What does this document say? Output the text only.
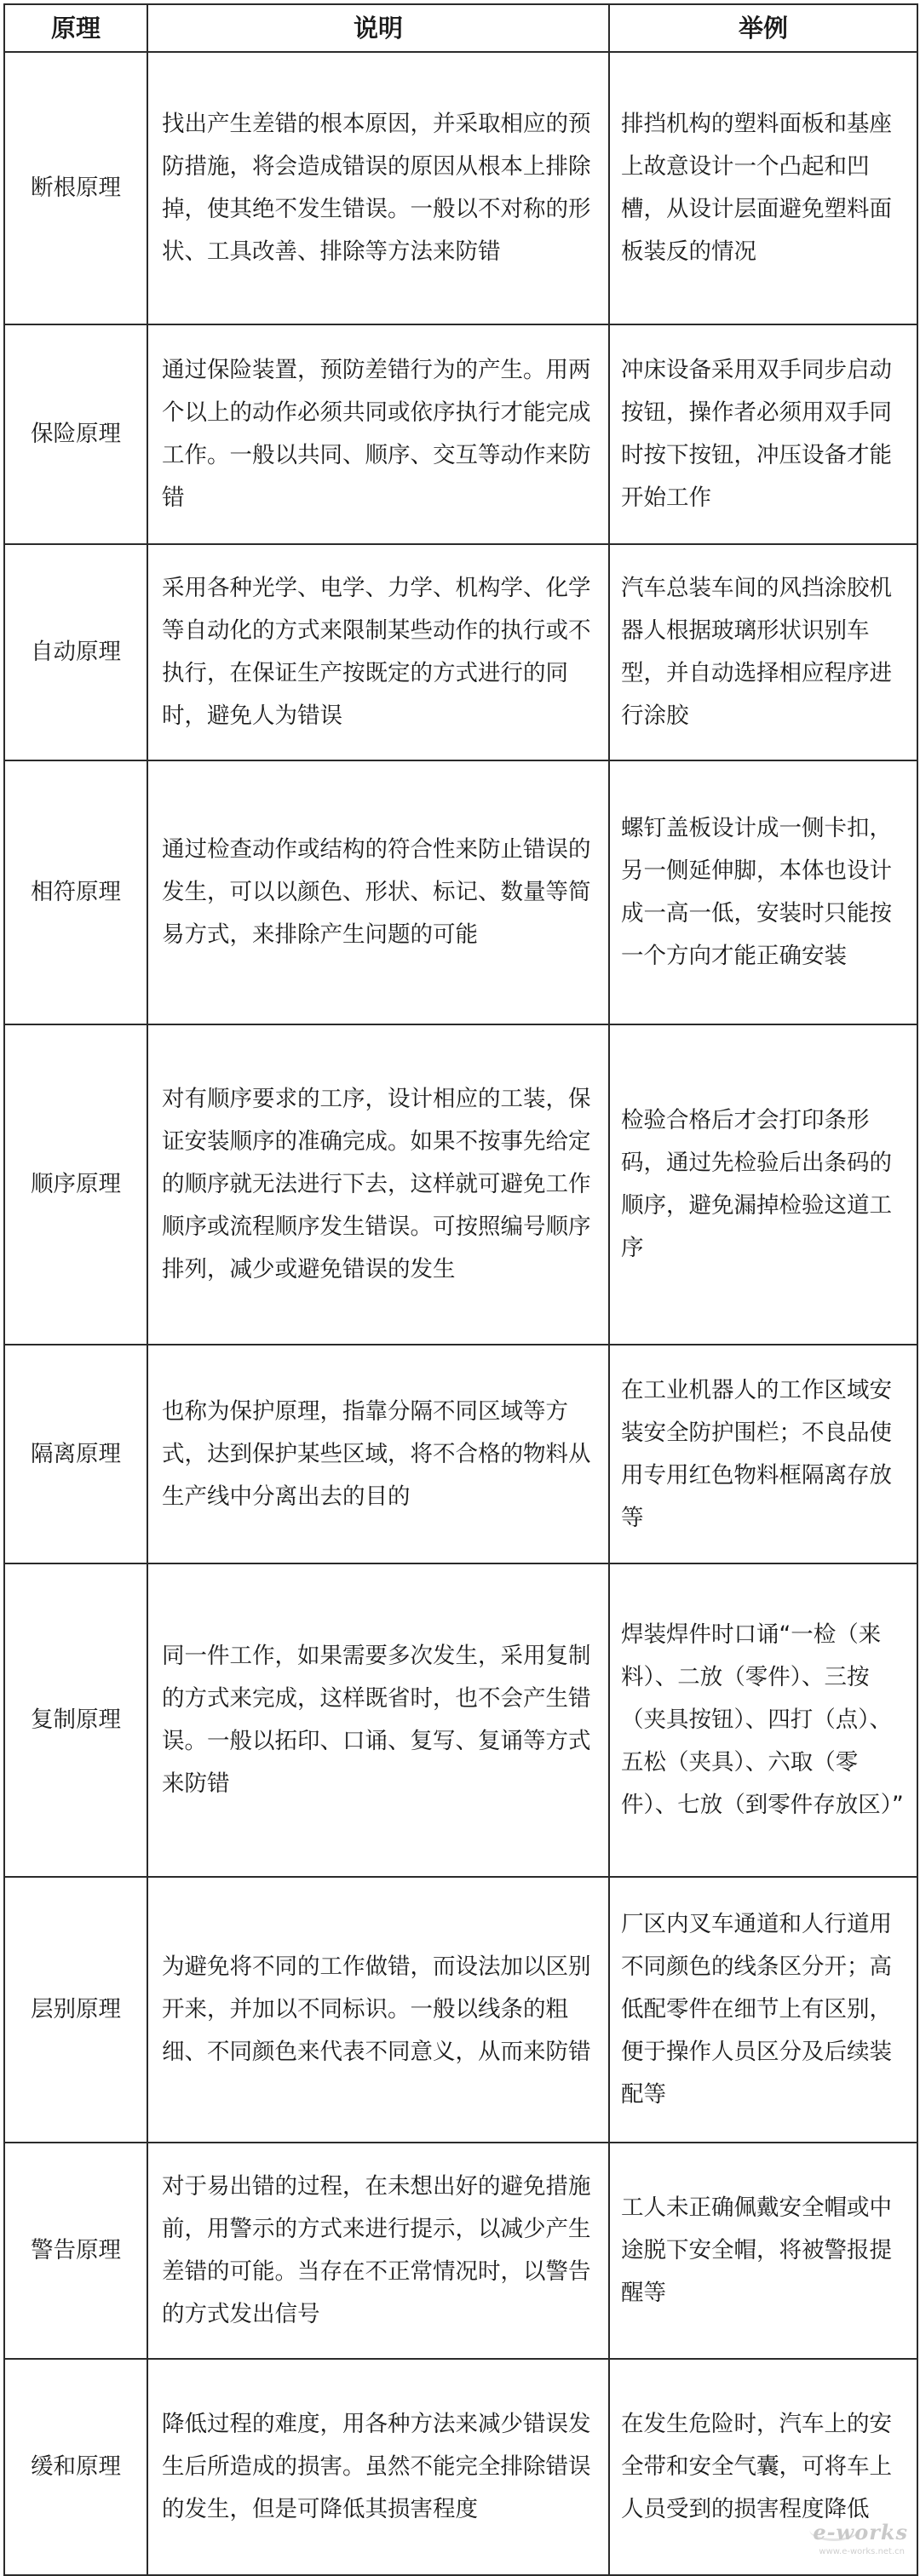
原理	说明	举例
断根原理	找出产生差错的根本原因，并采取相应的预防措施，将会造成错误的原因从根本上排除掉，使其绝不发生错误。一般以不对称的形状、工具改善、排除等方法来防错	排挡机构的塑料面板和基座上故意设计一个凸起和凹槽，从设计层面避免塑料面板装反的情况
保险原理	通过保险装置，预防差错行为的产生。用两个以上的动作必须共同或依序执行才能完成工作。一般以共同、顺序、交互等动作来防错	冲床设备采用双手同步启动按钮，操作者必须用双手同时按下按钮，冲压设备才能开始工作
自动原理	采用各种光学、电学、力学、机构学、化学等自动化的方式来限制某些动作的执行或不执行，在保证生产按既定的方式进行的同时，避免人为错误	汽车总装车间的风挡涂胶机器人根据玻璃形状识别车型，并自动选择相应程序进行涂胶
相符原理	通过检查动作或结构的符合性来防止错误的发生，可以以颜色、形状、标记、数量等简易方式，来排除产生问题的可能	螺钉盖板设计成一侧卡扣，另一侧延伸脚，本体也设计成一高一低，安装时只能按一个方向才能正确安装
顺序原理	对有顺序要求的工序，设计相应的工装，保证安装顺序的准确完成。如果不按事先给定的顺序就无法进行下去，这样就可避免工作顺序或流程顺序发生错误。可按照编号顺序排列，减少或避免错误的发生	检验合格后才会打印条形码，通过先检验后出条码的顺序，避免漏掉检验这道工序
隔离原理	也称为保护原理，指靠分隔不同区域等方式，达到保护某些区域，将不合格的物料从生产线中分离出去的目的	在工业机器人的工作区域安装安全防护围栏；不良品使用专用红色物料框隔离存放等
复制原理	同一件工作，如果需要多次发生，采用复制的方式来完成，这样既省时，也不会产生错误。一般以拓印、口诵、复写、复诵等方式来防错	焊装焊件时口诵“一检（来料）、二放（零件）、三按（夹具按钮）、四打（点）、五松（夹具）、六取（零件）、七放（到零件存放区）”
层别原理	为避免将不同的工作做错，而设法加以区别开来，并加以不同标识。一般以线条的粗细、不同颜色来代表不同意义，从而来防错	厂区内叉车通道和人行道用不同颜色的线条区分开；高低配零件在细节上有区别，便于操作人员区分及后续装配等
警告原理	对于易出错的过程，在未想出好的避免措施前，用警示的方式来进行提示，以减少产生差错的可能。当存在不正常情况时，以警告的方式发出信号	工人未正确佩戴安全帽或中途脱下安全帽，将被警报提醒等
缓和原理	降低过程的难度，用各种方法来减少错误发生后所造成的损害。虽然不能完全排除错误的发生，但是可降低其损害程度	在发生危险时，汽车上的安全带和安全气囊，可将车上人员受到的损害程度降低
e-works
www.e-works.net.cn
